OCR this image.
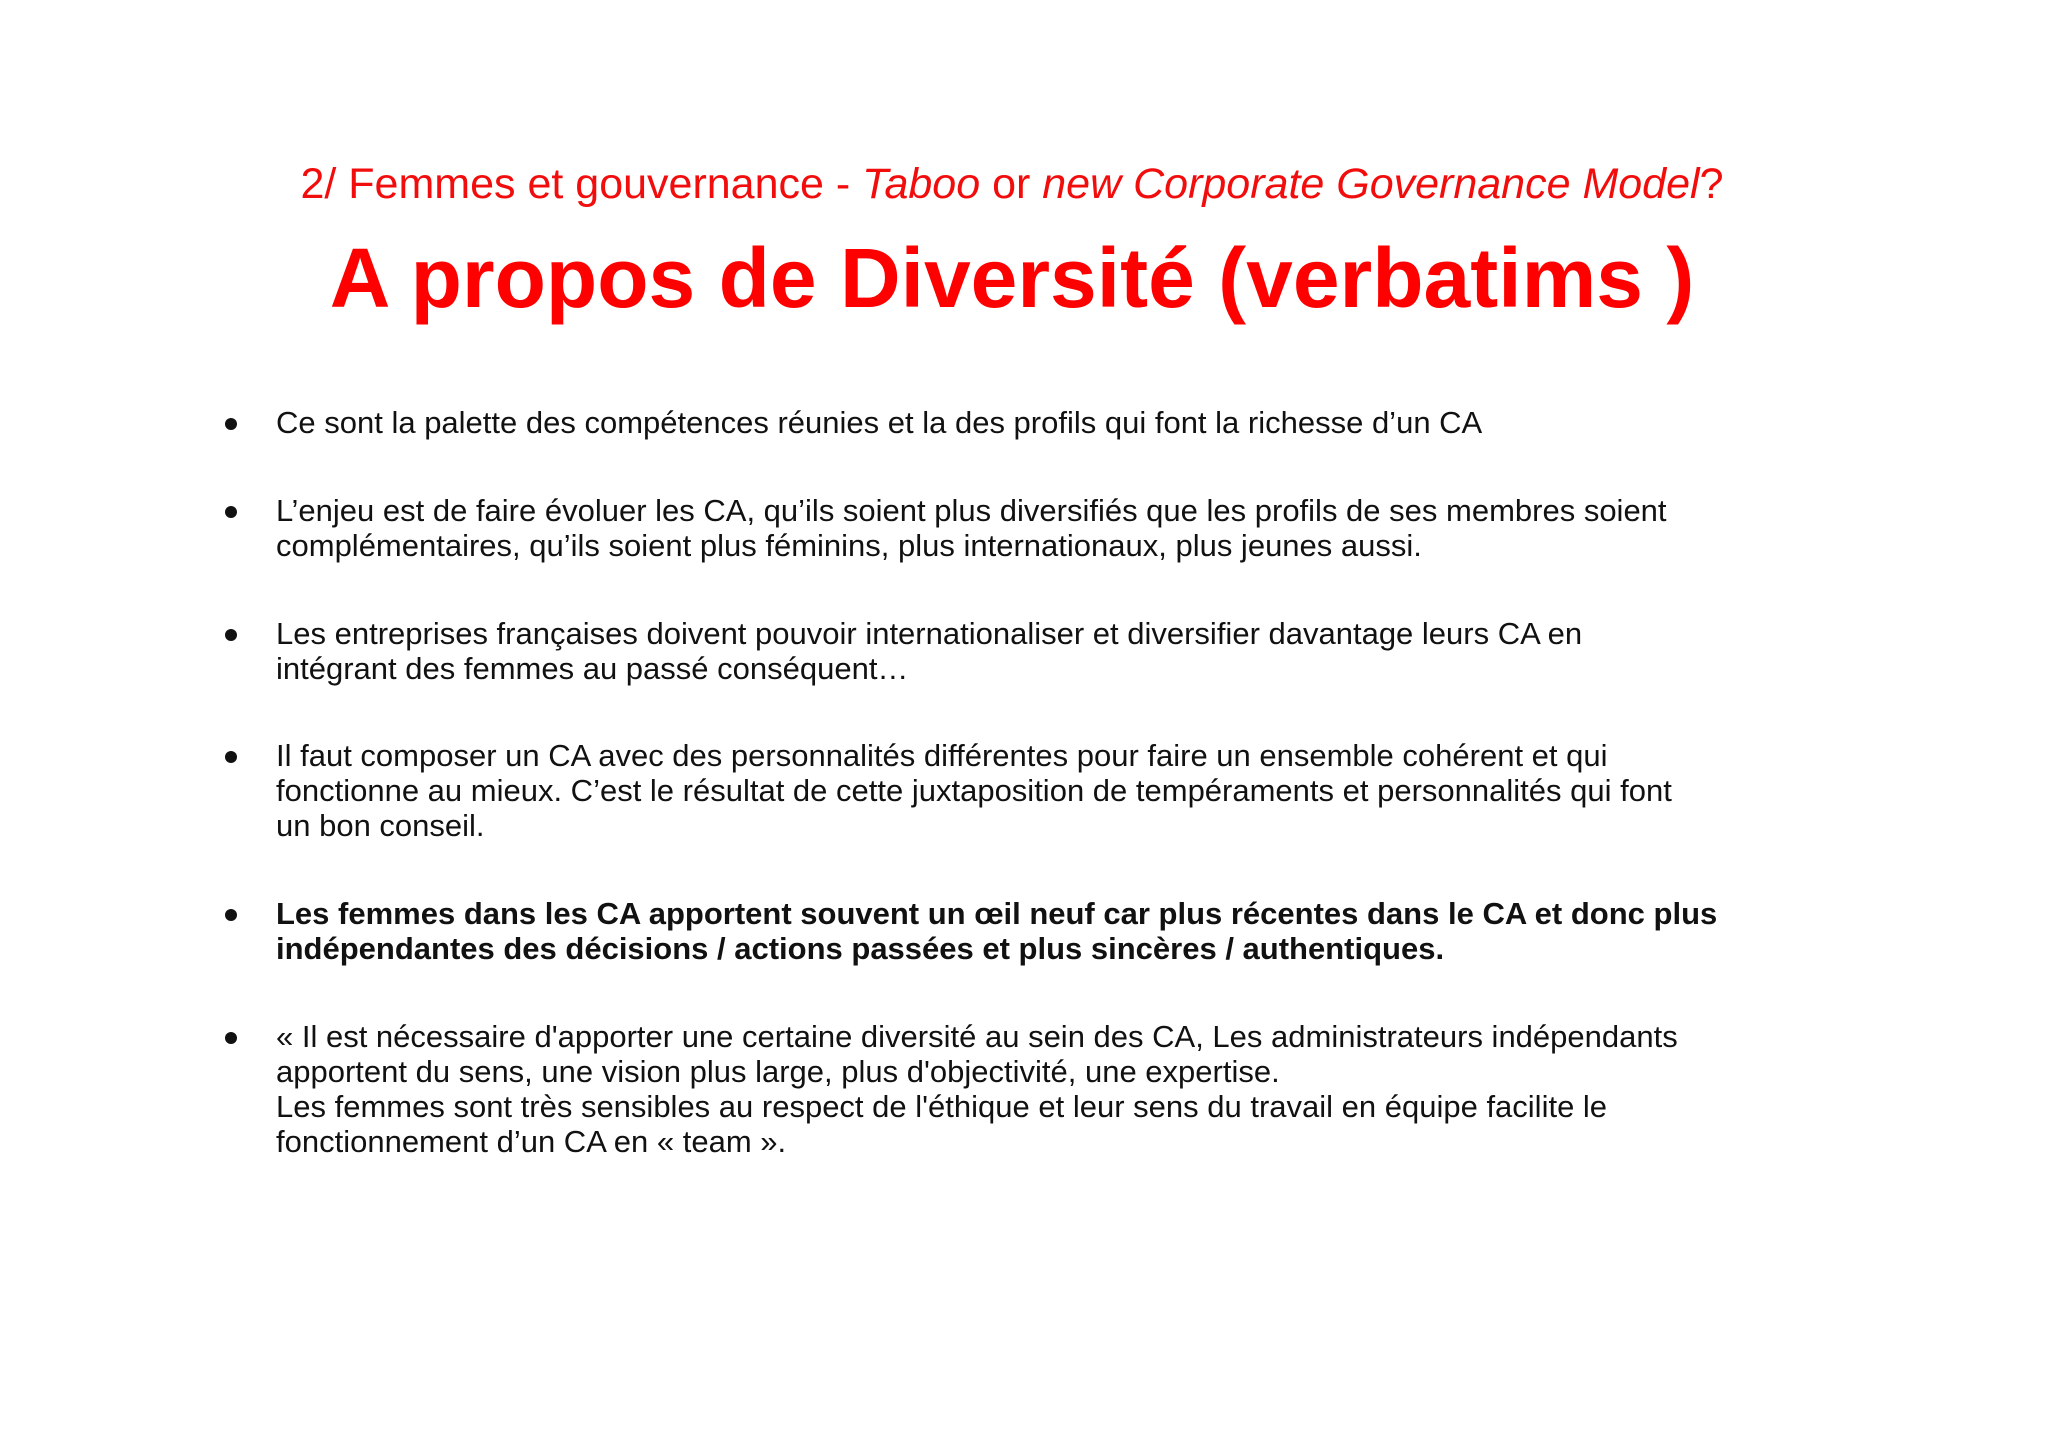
2/ Femmes et gouvernance - Taboo or new Corporate Governance Model?
A propos de Diversité (verbatims )
Ce sont la palette des compétences réunies et la des profils qui font la richesse d’un CA
L’enjeu est de faire évoluer les CA, qu’ils soient plus diversifiés que les profils de ses membres soient
complémentaires, qu’ils soient plus féminins, plus internationaux, plus jeunes aussi.
Les entreprises françaises doivent pouvoir internationaliser et diversifier davantage leurs CA en
intégrant des femmes au passé conséquent…
Il faut composer un CA avec des personnalités différentes pour faire un ensemble cohérent et qui
fonctionne au mieux. C’est le résultat de cette juxtaposition de tempéraments et personnalités qui font
un bon conseil.
Les femmes dans les CA apportent souvent un œil neuf car plus récentes dans le CA et donc plus
indépendantes des décisions / actions passées et plus sincères / authentiques.
« Il est nécessaire d'apporter une certaine diversité au sein des CA, Les administrateurs indépendants
apportent du sens, une vision plus large, plus d'objectivité, une expertise.
Les femmes sont très sensibles au respect de l'éthique et leur sens du travail en équipe facilite le
fonctionnement d’un CA en « team ».
